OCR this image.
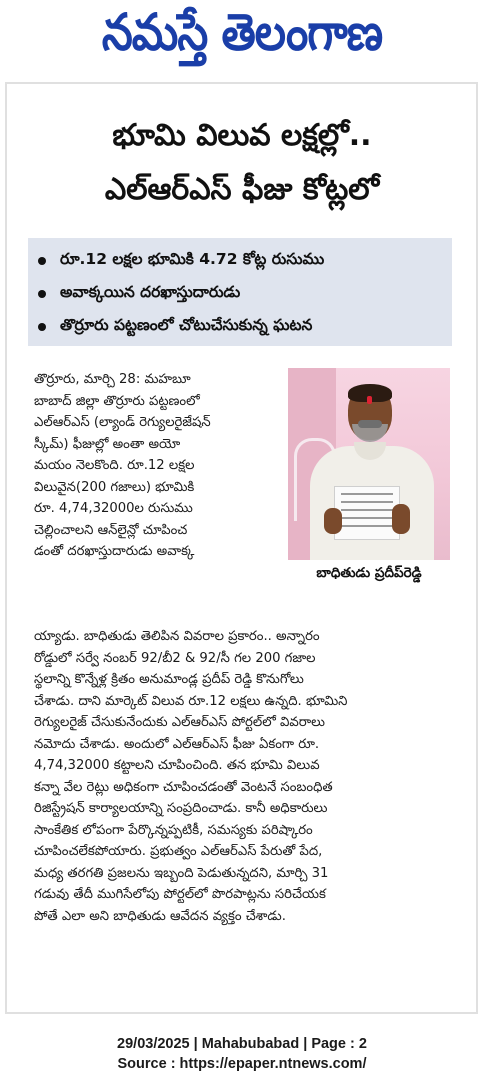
నమస్తే తెలంగాణ
భూమి విలువ లక్షల్లో..
ఎల్‌ఆర్‌ఎస్‌ ఫీజు కోట్లలో
రూ.12 లక్షల భూమికి 4.72 కోట్ల రుసుము
అవాక్కయిన దరఖాస్తుదారుడు
తొర్రూరు పట్టణంలో చోటుచేసుకున్న ఘటన
తొర్రూరు, మార్చి 28: మహబూ
బాబాద్‌ జిల్లా తొర్రూరు పట్టణంలో
ఎల్‌ఆర్‌ఎస్‌ (ల్యాండ్‌ రెగ్యులరైజేషన్‌
స్కీమ్‌) ఫీజుల్లో అంతా అయో
మయం నెలకొంది. రూ.12 లక్షల
విలువైన(200 గజాలు) భూమికి
రూ. 4,74,32000ల రుసుము
చెల్లించాలని ఆన్‌లైన్లో చూపించ
డంతో దరఖాస్తుదారుడు అవాక్క
బాధితుడు ప్రదీప్‌రెడ్డి
య్యాడు. బాధితుడు తెలిపిన వివరాల ప్రకారం.. అన్నారం
రోడ్డులో సర్వే నంబర్‌ 92/బీ2 & 92/సీ గల 200 గజాల
స్థలాన్ని కొన్నేళ్ల క్రితం అనుమాండ్ల ప్రదీప్‌ రెడ్డి కొనుగోలు
చేశాడు. దాని మార్కెట్‌ విలువ రూ.12 లక్షలు ఉన్నది. భూమిని
రెగ్యులరైజ్‌ చేసుకునేందుకు ఎల్‌ఆర్‌ఎస్‌ పోర్టల్‌లో వివరాలు
నమోదు చేశాడు. అందులో ఎల్‌ఆర్‌ఎస్‌ ఫీజు ఏకంగా రూ.
4,74,32000 కట్టాలని చూపించింది. తన భూమి విలువ
కన్నా వేల రెట్లు అధికంగా చూపించడంతో వెంటనే సంబంధిత
రిజిస్ట్రేషన్‌ కార్యాలయాన్ని సంప్రదించాడు. కానీ అధికారులు
సాంకేతిక లోపంగా పేర్కొన్నప్పటికీ, సమస్యకు పరిష్కారం
చూపించలేకపోయారు. ప్రభుత్వం ఎల్‌ఆర్‌ఎస్‌ పేరుతో పేద,
మధ్య తరగతి ప్రజలను ఇబ్బంది పెడుతున్నదని, మార్చి 31
గడువు తేదీ ముగిసేలోపు పోర్టల్‌లో పొరపాట్లను సరిచేయక
పోతే ఎలా అని బాధితుడు ఆవేదన వ్యక్తం చేశాడు.
29/03/2025 | Mahabubabad | Page : 2
Source : https://epaper.ntnews.com/
